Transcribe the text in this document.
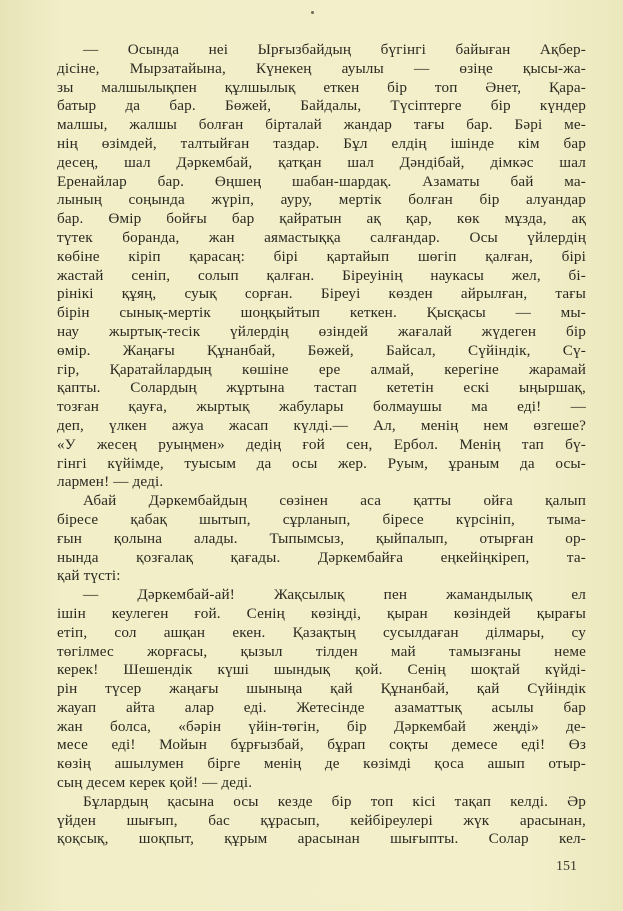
— Осында неі Ырғызбайдың бүгінгі байыған Ақбер-
дісіне, Мырзатайына, Күнекең ауылы — өзіңе қысы-жа-
зы малшылықпен құлшылық еткен бір топ Әнет, Қара-
батыр да бар. Бөжей, Байдалы, Түсіптерге бір күндер
малшы, жалшы болған бірталай жандар тағы бар. Бәрі ме-
нің өзімдей, талтыйған таздар. Бұл елдің ішінде кім бар
десең, шал Дәркембай, қатқан шал Дәндібай, дімкәс шал
Еренайлар бар. Өңшең шабан-шардақ. Азаматы бай ма-
лының соңында жүріп, ауру, мертік болған бір алуандар
бар. Өмір бойғы бар қайратын ақ қар, көк мұзда, ақ
түтек боранда, жан аямастыққа салғандар. Осы үйлердің
көбіне кіріп қарасаң: бірі қартайып шөгіп қалған, бірі
жастай сеніп, солып қалған. Біреуінің наукасы жел, бі-
рінікі құяң, суық сорған. Біреуі көзден айрылған, тағы
бірін сынық-мертік шоңқыйтып кеткен. Қысқасы — мы-
нау жыртық-тесік үйлердің өзіндей жағалай жүдеген бір
өмір. Жаңағы Құнанбай, Бөжей, Байсал, Сүйіндік, Сү-
гір, Қаратайлардың көшіне ере алмай, керегіне жарамай
қапты. Солардың жұртына тастап кететін ескі ыңыршақ,
тозған қауға, жыртық жабулары болмаушы ма еді! —
деп, үлкен ажуа жасап күлді.— Ал, менің нем өзгеше?
«У жесең руыңмен» дедің ғой сен, Ербол. Менің тап бү-
гінгі күйімде, туысым да осы жер. Руым, ұраным да осы-
лармен! — деді.
Абай Дәркембайдың сөзінен аса қатты ойға қалып
біресе қабақ шытып, сұрланып, біресе күрсініп, тыма-
ғын қолына алады. Тыпымсыз, қыйпалып, отырған ор-
нында қозғалақ қағады. Дәркембайға еңкейіңкіреп, та-
қай түсті:
— Дәркембай-ай! Жақсылық пен жамандылық ел
ішін кеулеген ғой. Сенің көзіңді, қыран көзіндей қырағы
етіп, сол ашқан екен. Қазақтың сусылдаған ділмары, су
төгілмес жорғасы, қызыл тілден май тамызғаны неме
керек! Шешендік күші шындық қой. Сенің шоқтай күйді-
рін түсер жаңағы шыныңа қай Құнанбай, қай Сүйіндік
жауап айта алар еді. Жетесінде азаматтық асылы бар
жан болса, «бәрін үйін-төгін, бір Дәркембай жеңді» де-
месе еді! Мойын бұрғызбай, бұрап соқты демесе еді! Өз
көзің ашылумен бірге менің де көзімді қоса ашып отыр-
сың десем керек қой! — деді.
Бұлардың қасына осы кезде бір топ кісі тақап келді. Әр
үйден шығып, бас құрасып, кейбіреулері жүк арасынан,
қоқсық, шоқпыт, құрым арасынан шығыпты. Солар кел-
151
